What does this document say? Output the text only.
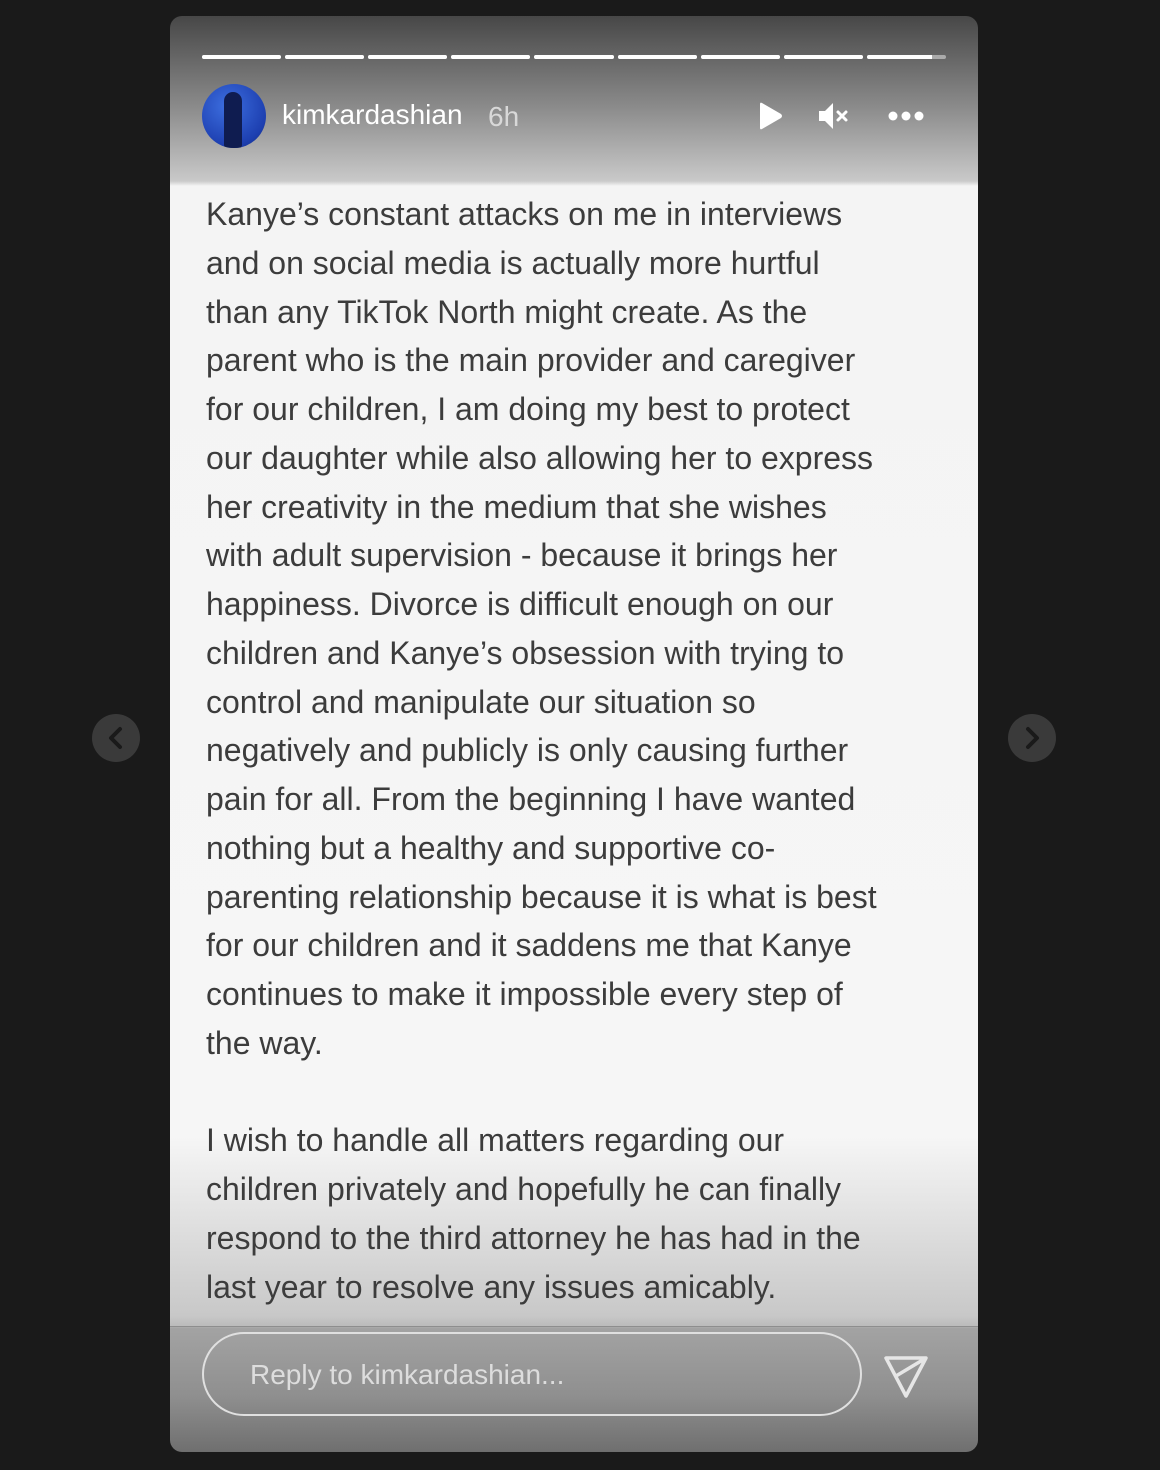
kimkardashian 6h
Kanye’s constant attacks on me in interviews
and on social media is actually more hurtful
than any TikTok North might create. As the
parent who is the main provider and caregiver
for our children, I am doing my best to protect
our daughter while also allowing her to express
her creativity in the medium that she wishes
with adult supervision - because it brings her
happiness. Divorce is difficult enough on our
children and Kanye’s obsession with trying to
control and manipulate our situation so
negatively and publicly is only causing further
pain for all. From the beginning I have wanted
nothing but a healthy and supportive co-
parenting relationship because it is what is best
for our children and it saddens me that Kanye
continues to make it impossible every step of
the way.
I wish to handle all matters regarding our
children privately and hopefully he can finally
respond to the third attorney he has had in the
last year to resolve any issues amicably.
Reply to kimkardashian...
